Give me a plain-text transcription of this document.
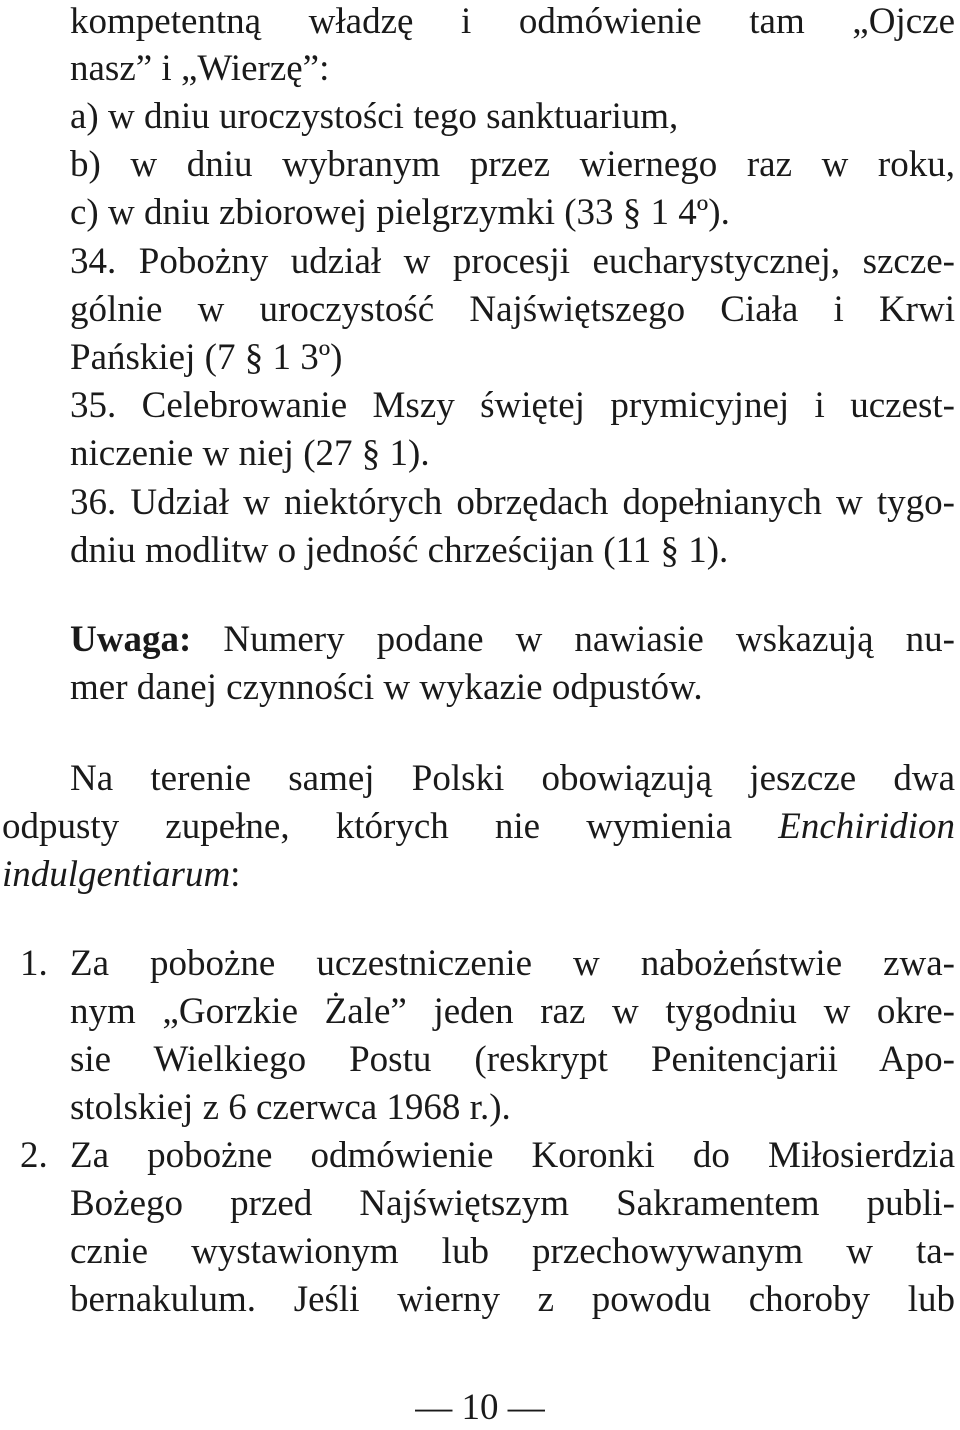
kompetentną władzę i odmówienie tam „Ojcze
nasz” i „Wierzę”:
a) w dniu uroczystości tego sanktuarium,
b) w dniu wybranym przez wiernego raz w roku,
c) w dniu zbiorowej pielgrzymki (33 § 1 4º).
34. Pobożny udział w procesji eucharystycznej, szcze-
gólnie w uroczystość Najświętszego Ciała i Krwi
Pańskiej (7 § 1 3º)
35. Celebrowanie Mszy świętej prymicyjnej i uczest-
niczenie w niej (27 § 1).
36. Udział w niektórych obrzędach dopełnianych w tygo-
dniu modlitw o jedność chrześcijan (11 § 1).
Uwaga: Numery podane w nawiasie wskazują nu-
mer danej czynności w wykazie odpustów.
Na terenie samej Polski obowiązują jeszcze dwa
odpusty zupełne, których nie wymienia Enchiridion
indulgentiarum:
1. Za pobożne uczestniczenie w nabożeństwie zwa-
nym „Gorzkie Żale” jeden raz w tygodniu w okre-
sie Wielkiego Postu (reskrypt Penitencjarii Apo-
stolskiej z 6 czerwca 1968 r.).
2. Za pobożne odmówienie Koronki do Miłosierdzia
Bożego przed Najświętszym Sakramentem publi-
cznie wystawionym lub przechowywanym w ta-
bernakulum. Jeśli wierny z powodu choroby lub
— 10 —
